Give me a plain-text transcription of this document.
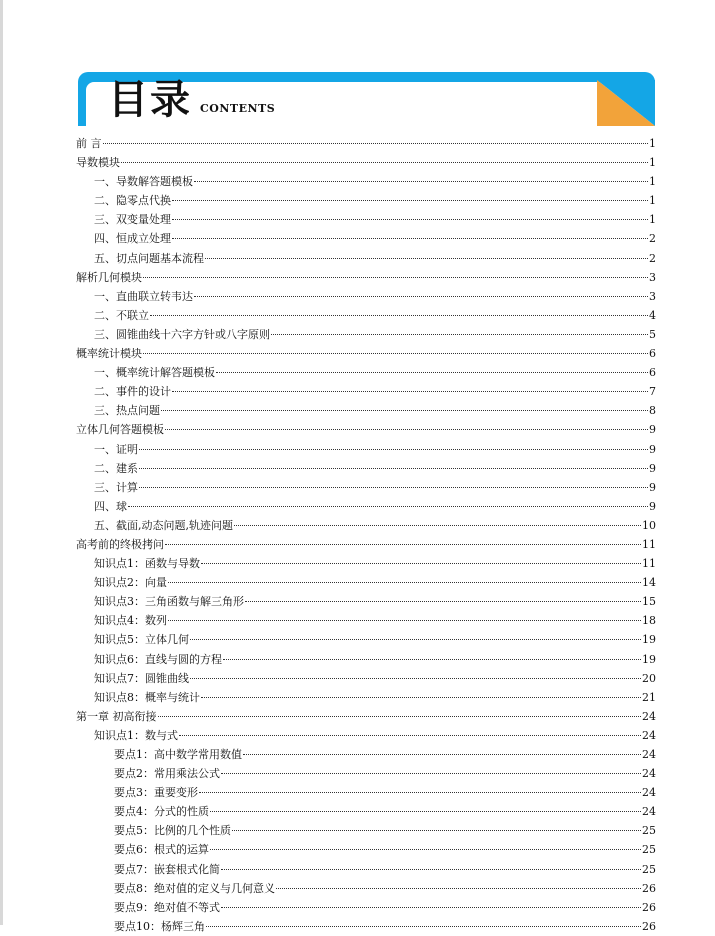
目录 CONTENTS
前 言	1
导数模块	1
一、导数解答题模板	1
二、隐零点代换	1
三、双变量处理	1
四、恒成立处理	2
五、切点问题基本流程	2
解析几何模块	3
一、直曲联立转韦达	3
二、不联立	4
三、圆锥曲线十六字方针或八字原则	5
概率统计模块	6
一、概率统计解答题模板	6
二、事件的设计	7
三、热点问题	8
立体几何答题模板	9
一、证明	9
二、建系	9
三、计算	9
四、球	9
五、截面,动态问题,轨迹问题	10
高考前的终极拷问	11
知识点1：函数与导数	11
知识点2：向量	14
知识点3：三角函数与解三角形	15
知识点4：数列	18
知识点5：立体几何	19
知识点6：直线与圆的方程	19
知识点7：圆锥曲线	20
知识点8：概率与统计	21
第一章 初高衔接	24
知识点1：数与式	24
要点1：高中数学常用数值	24
要点2：常用乘法公式	24
要点3：重要变形	24
要点4：分式的性质	24
要点5：比例的几个性质	25
要点6：根式的运算	25
要点7：嵌套根式化简	25
要点8：绝对值的定义与几何意义	26
要点9：绝对值不等式	26
要点10：杨辉三角	26
